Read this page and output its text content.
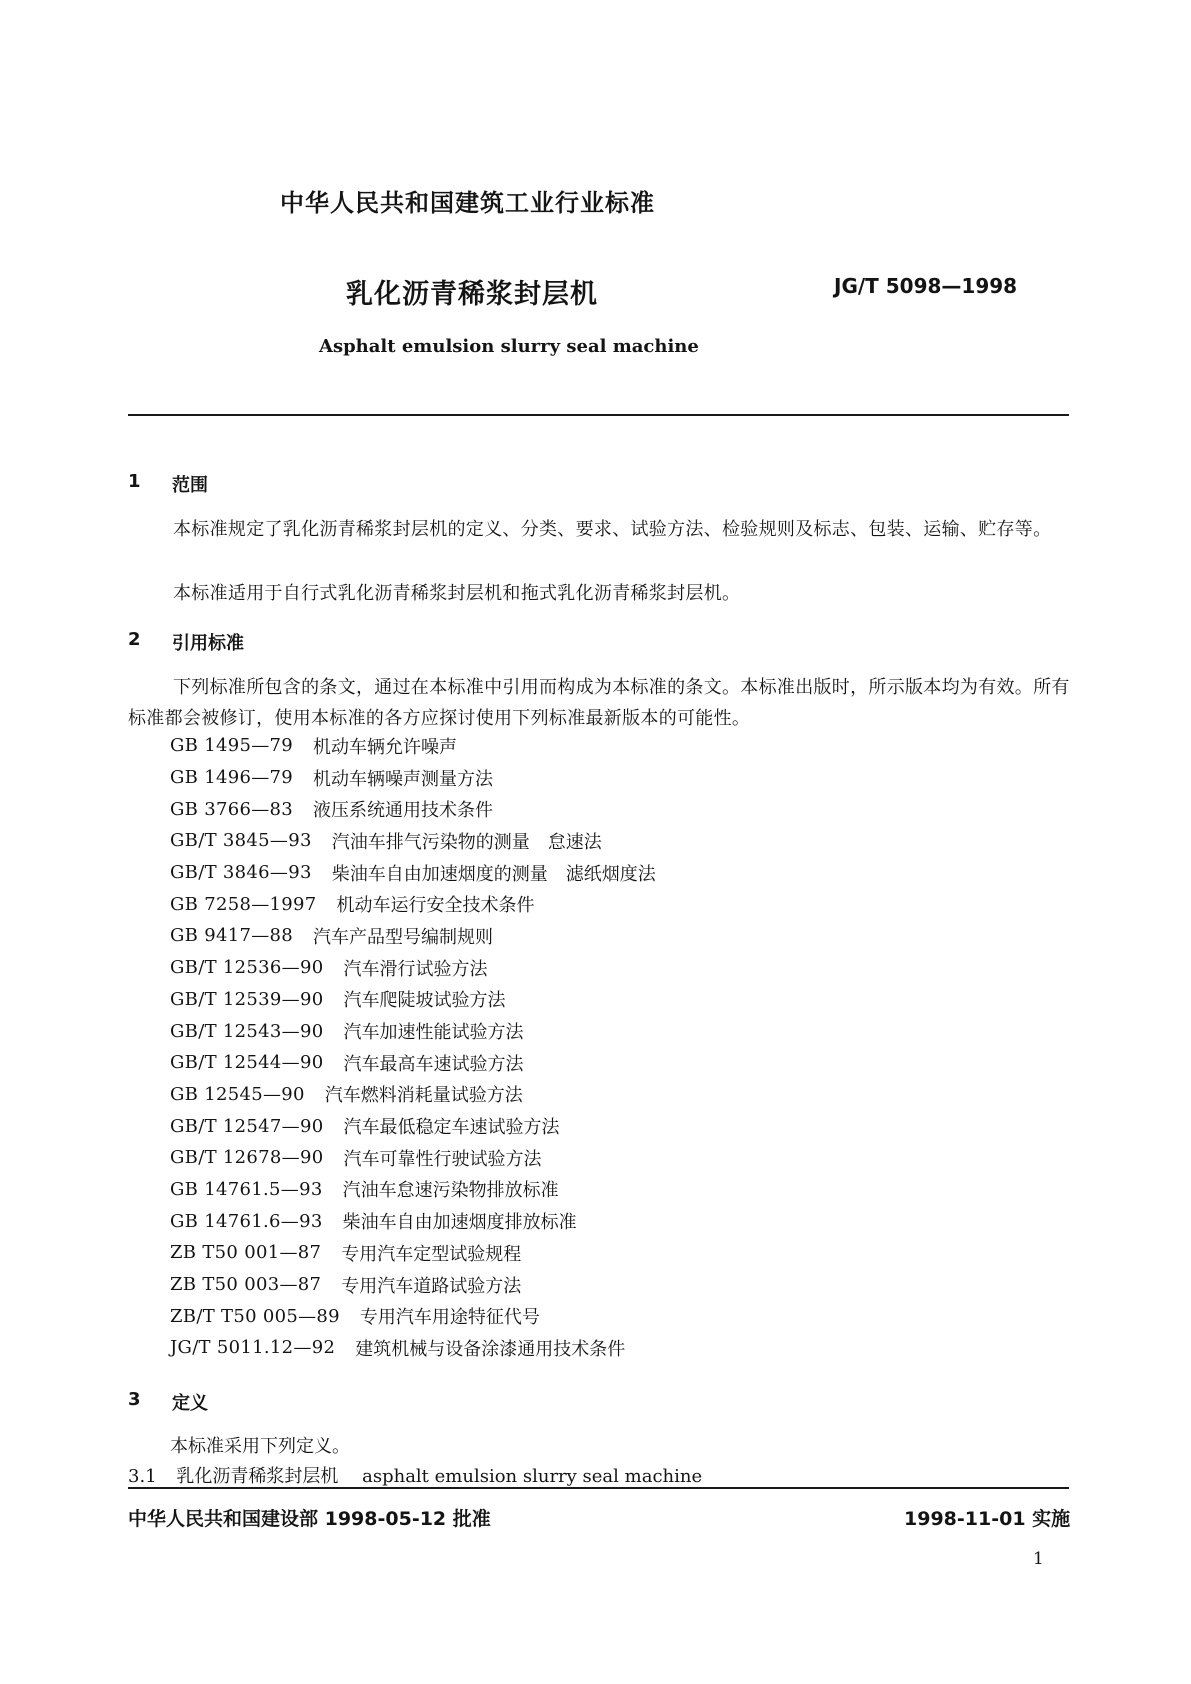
中华人民共和国建筑工业行业标准
乳化沥青稀浆封层机	JG/T 5098—1998
Asphalt emulsion slurry seal machine
1 范围
本标准规定了乳化沥青稀浆封层机的定义、分类、要求、试验方法、检验规则及标志、包装、运输、贮存等。
本标准适用于自行式乳化沥青稀浆封层机和拖式乳化沥青稀浆封层机。
2 引用标准
下列标准所包含的条文，通过在本标准中引用而构成为本标准的条文。本标准出版时，所示版本均为有效。所有标准都会被修订，使用本标准的各方应探讨使用下列标准最新版本的可能性。
GB 1495—79 机动车辆允许噪声
GB 1496—79 机动车辆噪声测量方法
GB 3766—83 液压系统通用技术条件
GB/T 3845—93 汽油车排气污染物的测量　怠速法
GB/T 3846—93 柴油车自由加速烟度的测量　滤纸烟度法
GB 7258—1997 机动车运行安全技术条件
GB 9417—88 汽车产品型号编制规则
GB/T 12536—90 汽车滑行试验方法
GB/T 12539—90 汽车爬陡坡试验方法
GB/T 12543—90 汽车加速性能试验方法
GB/T 12544—90 汽车最高车速试验方法
GB 12545—90 汽车燃料消耗量试验方法
GB/T 12547—90 汽车最低稳定车速试验方法
GB/T 12678—90 汽车可靠性行驶试验方法
GB 14761.5—93 汽油车怠速污染物排放标准
GB 14761.6—93 柴油车自由加速烟度排放标准
ZB T50 001—87 专用汽车定型试验规程
ZB T50 003—87 专用汽车道路试验方法
ZB/T T50 005—89 专用汽车用途特征代号
JG/T 5011.12—92 建筑机械与设备涂漆通用技术条件
3 定义
本标准采用下列定义。
3.1 乳化沥青稀浆封层机 asphalt emulsion slurry seal machine
中华人民共和国建设部 1998-05-12 批准	1998-11-01 实施
1
